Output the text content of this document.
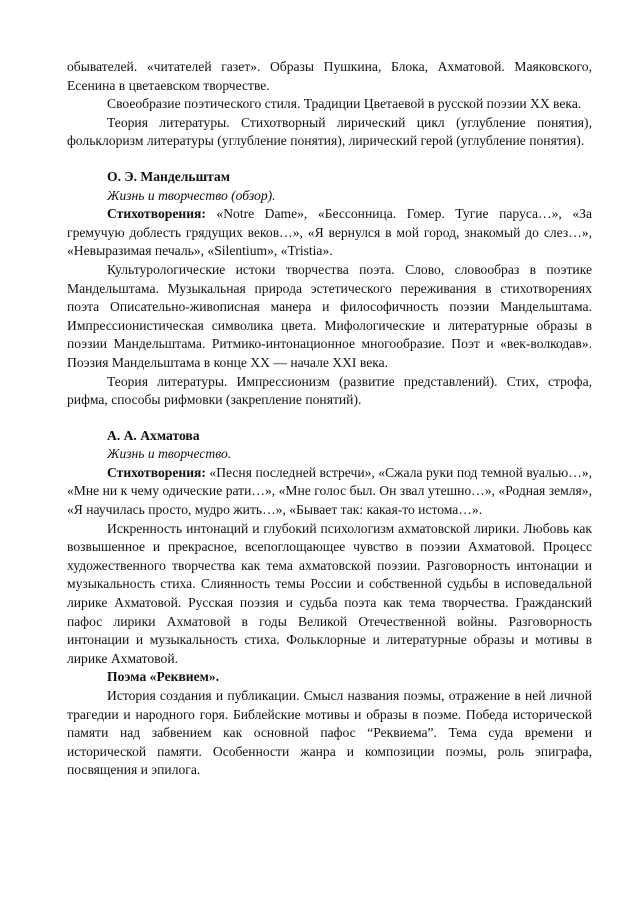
обывателей. «читателей газет». Образы Пушкина, Блока, Ахматовой. Маяковского, Есенина в цветаевском творчестве.

Своеобразие поэтического стиля. Традиции Цветаевой в русской поэзии XX века.

Теория литературы. Стихотворный лирический цикл (углубление понятия), фольклоризм литературы (углубление понятия), лирический герой (углубление понятия).

О. Э. Мандельштам

Жизнь и творчество (обзор).

Стихотворения: «Notre Dame», «Бессонница. Гомер. Тугие паруса…», «За гремучую доблесть грядущих веков…», «Я вернулся в мой город, знакомый до слез…», «Невыразимая печаль», «Silentium», «Tristia».

Культурологические истоки творчества поэта. Слово, словообраз в поэтике Мандельштама. Музыкальная природа эстетического переживания в стихотворениях поэта Описательно-живописная манера и философичность поэзии Мандельштама. Импрессионистическая символика цвета. Мифологические и литературные образы в поэзии Мандельштама. Ритмико-интонационное многообразие. Поэт и «век-волкодав». Поэзия Мандельштама в конце XX — начале XXI века.

Теория литературы. Импрессионизм (развитие представлений). Стих, строфа, рифма, способы рифмовки (закрепление понятий).

А. А. Ахматова

Жизнь и творчество.

Стихотворения: «Песня последней встречи», «Сжала руки под темной вуалью…», «Мне ни к чему одические рати…», «Мне голос был. Он звал утешно…», «Родная земля», «Я научилась просто, мудро жить…», «Бывает так: какая-то истома…».

Искренность интонаций и глубокий психологизм ахматовской лирики. Любовь как возвышенное и прекрасное, всепоглощающее чувство в поэзии Ахматовой. Процесс художественного творчества как тема ахматовской поэзии. Разговорность интонации и музыкальность стиха. Слиянность темы России и собственной судьбы в исповедальной лирике Ахматовой. Русская поэзия и судьба поэта как тема творчества. Гражданский пафос лирики Ахматовой в годы Великой Отечественной войны. Разговорность интонации и музыкальность стиха. Фольклорные и литературные образы и мотивы в лирике Ахматовой.

Поэма «Реквием».

История создания и публикации. Смысл названия поэмы, отражение в ней личной трагедии и народного горя. Библейские мотивы и образы в поэме. Победа исторической памяти над забвением как основной пафос “Реквиема”. Тема суда времени и исторической памяти. Особенности жанра и композиции поэмы, роль эпиграфа, посвящения и эпилога.
